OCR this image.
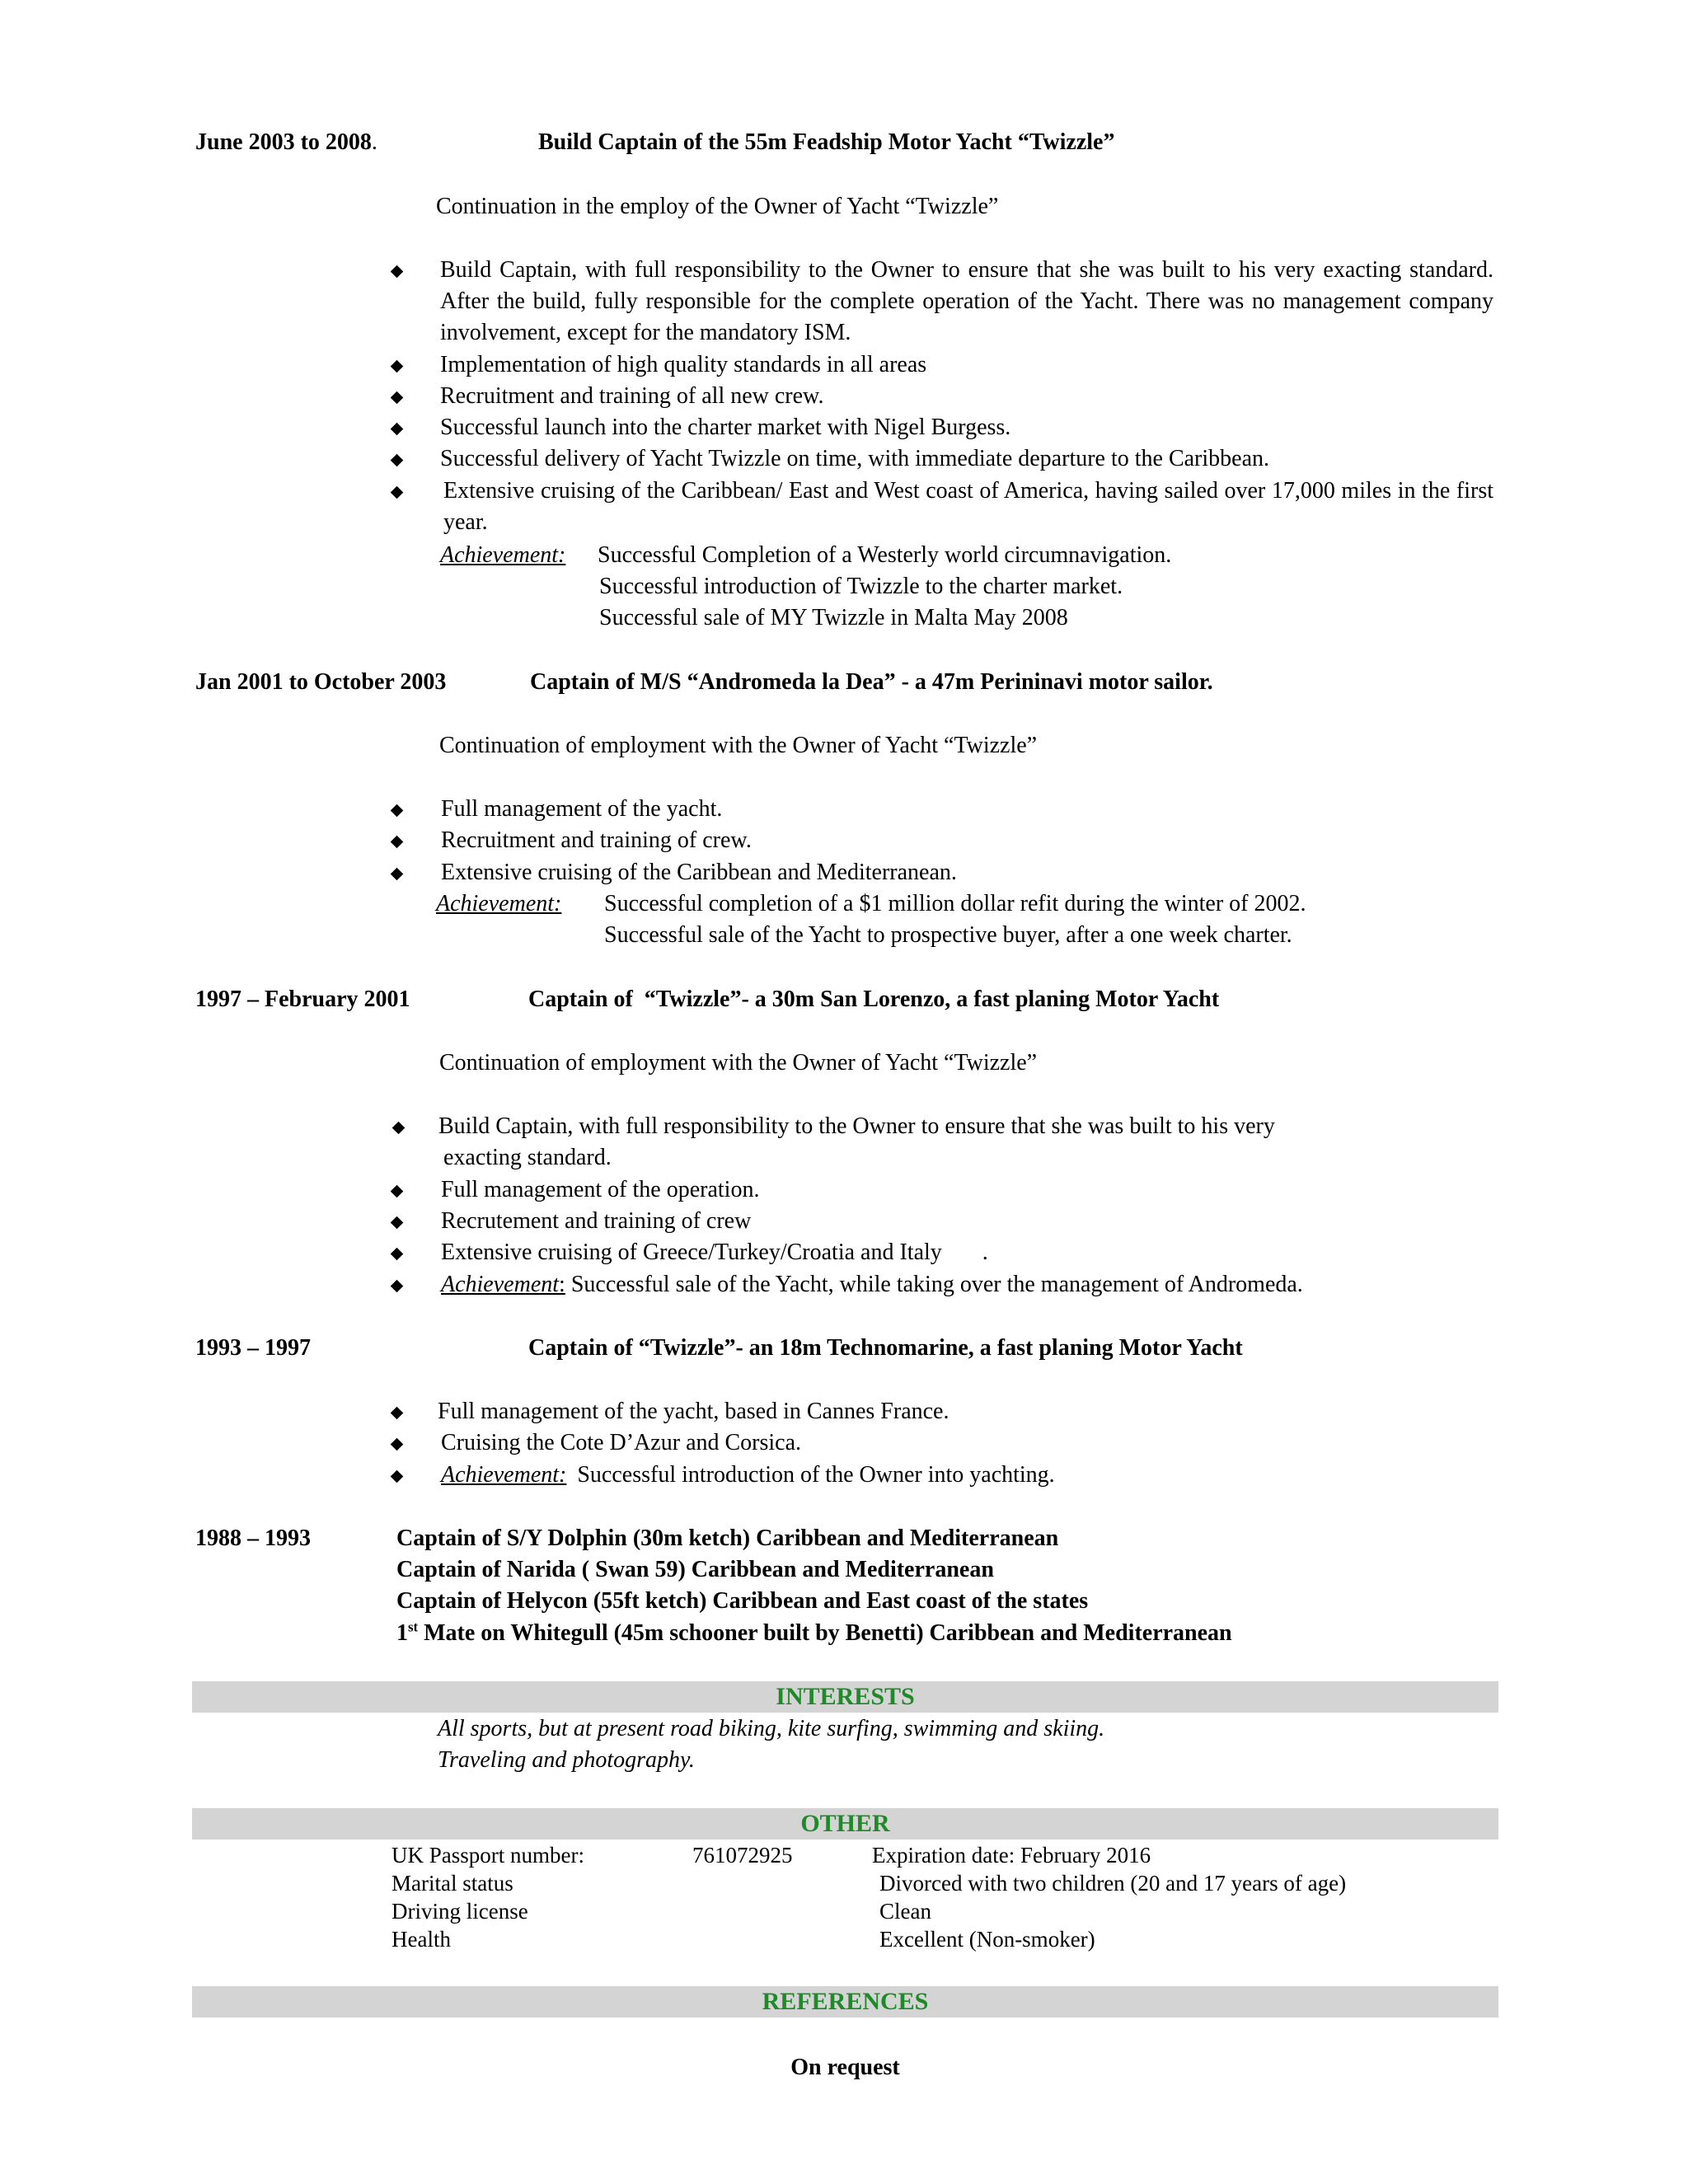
June 2003 to 2008.	Build Captain of the 55m Feadship Motor Yacht “Twizzle”
Continuation in the employ of the Owner of Yacht “Twizzle”
Build Captain, with full responsibility to the Owner to ensure that she was built to his very exacting standard. After the build, fully responsible for the complete operation of the Yacht. There was no management company involvement, except for the mandatory ISM.
Implementation of high quality standards in all areas
Recruitment and training of all new crew.
Successful launch into the charter market with Nigel Burgess.
Successful delivery of Yacht Twizzle on time, with immediate departure to the Caribbean.
Extensive cruising of the Caribbean/ East and West coast of America, having sailed over 17,000 miles in the first year.
Achievement: Successful Completion of a Westerly world circumnavigation.
Successful introduction of Twizzle to the charter market.
Successful sale of MY Twizzle in Malta May 2008
Jan 2001 to October 2003	Captain of M/S “Andromeda la Dea” - a 47m Perininavi motor sailor.
Continuation of employment with the Owner of Yacht “Twizzle”
Full management of the yacht.
Recruitment and training of crew.
Extensive cruising of the Caribbean and Mediterranean.
Achievement: Successful completion of a $1 million dollar refit during the winter of 2002.
Successful sale of the Yacht to prospective buyer, after a one week charter.
1997 – February 2001	Captain of  “Twizzle”- a 30m San Lorenzo, a fast planing Motor Yacht
Continuation of employment with the Owner of Yacht “Twizzle”
Build Captain, with full responsibility to the Owner to ensure that she was built to his very
exacting standard.
Full management of the operation.
Recrutement and training of crew
Extensive cruising of Greece/Turkey/Croatia and Italy       .
Achievement: Successful sale of the Yacht, while taking over the management of Andromeda.
1993 – 1997	Captain of “Twizzle”- an 18m Technomarine, a fast planing Motor Yacht
Full management of the yacht, based in Cannes France.
Cruising the Cote D’Azur and Corsica.
Achievement: Successful introduction of the Owner into yachting.
1988 – 1993	Captain of S/Y Dolphin (30m ketch) Caribbean and Mediterranean
Captain of Narida ( Swan 59) Caribbean and Mediterranean
Captain of Helycon (55ft ketch) Caribbean and East coast of the states
1st Mate on Whitegull (45m schooner built by Benetti) Caribbean and Mediterranean
INTERESTS
All sports, but at present road biking, kite surfing, swimming and skiing.
Traveling and photography.
OTHER
UK Passport number:	761072925	Expiration date: February 2016
Marital status	Divorced with two children (20 and 17 years of age)
Driving license	Clean
Health	Excellent (Non-smoker)
REFERENCES
On request
